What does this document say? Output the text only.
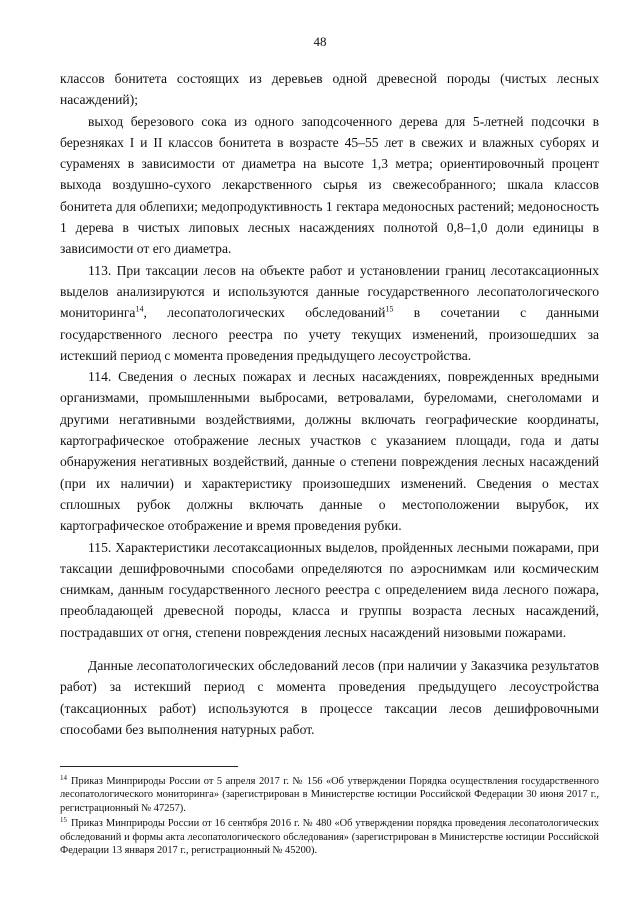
48

классов бонитета состоящих из деревьев одной древесной породы (чистых лесных насаждений);

выход березового сока из одного заподсоченного дерева для 5-летней подсочки в березняках I и II классов бонитета в возрасте 45–55 лет в свежих и влажных суборях и сураменях в зависимости от диаметра на высоте 1,3 метра; ориентировочный процент выхода воздушно-сухого лекарственного сырья из свежесобранного; шкала классов бонитета для облепихи; медопродуктивность 1 гектара медоносных растений; медоносность 1 дерева в чистых липовых лесных насаждениях полнотой 0,8–1,0 доли единицы в зависимости от его диаметра.

113. При таксации лесов на объекте работ и установлении границ лесотаксационных выделов анализируются и используются данные государственного лесопатологического мониторинга$^{14}$, лесопатологических обследований$^{15}$ в сочетании с данными государственного лесного реестра по учету текущих изменений, произошедших за истекший период с момента проведения предыдущего лесоустройства.

114. Сведения о лесных пожарах и лесных насаждениях, поврежденных вредными организмами, промышленными выбросами, ветровалами, буреломами, снеголомами и другими негативными воздействиями, должны включать географические координаты, картографическое отображение лесных участков с указанием площади, года и даты обнаружения негативных воздействий, данные о степени повреждения лесных насаждений (при их наличии) и характеристику произошедших изменений. Сведения о местах сплошных рубок должны включать данные о местоположении вырубок, их картографическое отображение и время проведения рубки.

115. Характеристики лесотаксационных выделов, пройденных лесными пожарами, при таксации дешифровочными способами определяются по аэроснимкам или космическим снимкам, данным государственного лесного реестра с определением вида лесного пожара, преобладающей древесной породы, класса и группы возраста лесных насаждений, пострадавших от огня, степени повреждения лесных насаждений низовыми пожарами.

Данные лесопатологических обследований лесов (при наличии у Заказчика результатов работ) за истекший период с момента проведения предыдущего лесоустройства (таксационных работ) используются в процессе таксации лесов дешифровочными способами без выполнения натурных работ.

$^{14}$ Приказ Минприроды России от 5 апреля 2017 г. № 156 «Об утверждении Порядка осуществления государственного лесопатологического мониторинга» (зарегистрирован в Министерстве юстиции Российской Федерации 30 июня 2017 г., регистрационный № 47257).

$^{15}$ Приказ Минприроды России от 16 сентября 2016 г. № 480 «Об утверждении порядка проведения лесопатологических обследований и формы акта лесопатологического обследования» (зарегистрирован в Министерстве юстиции Российской Федерации 13 января 2017 г., регистрационный № 45200).
